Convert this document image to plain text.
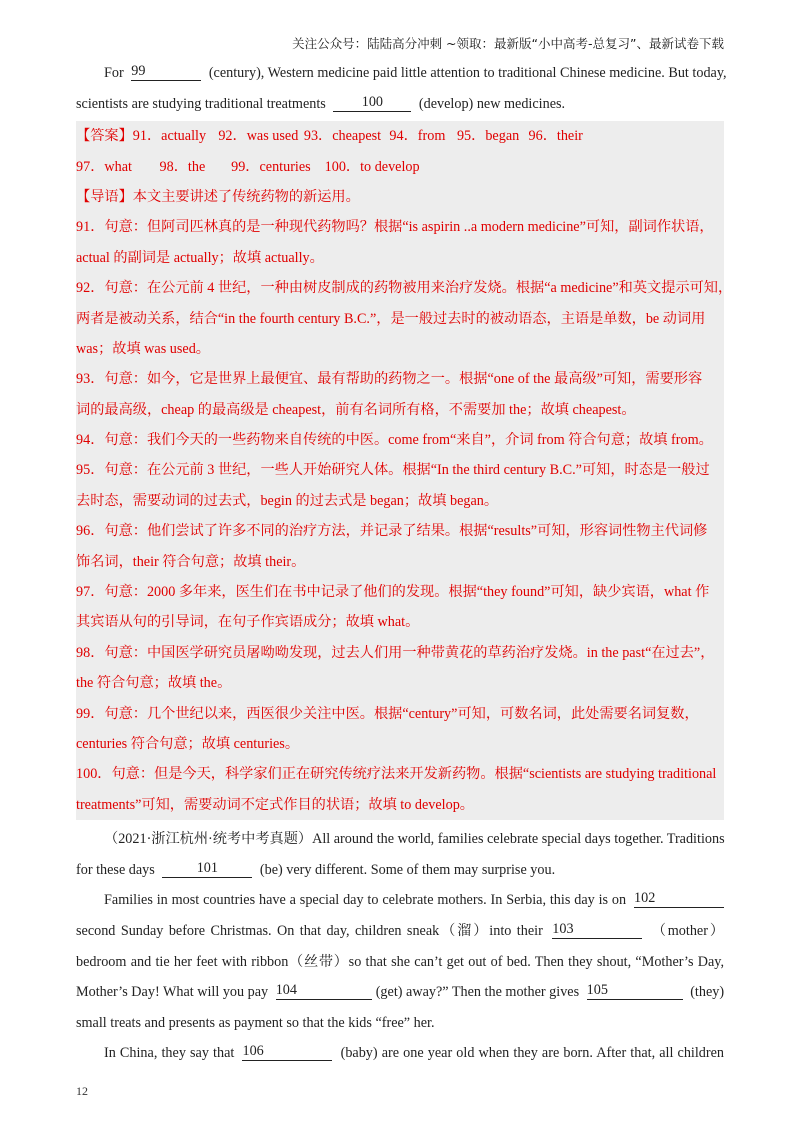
关注公众号：陆陆高分冲刺 ~领取：最新版“小中高考-总复习”、最新试卷下载
For 99	(century), Western medicine paid little attention to traditional Chinese medicine. But today,
scientists are studying traditional treatments	100	(develop) new medicines.
【答案】91．actually 92．was used 93．cheapest 94．from 95．began 96．their
97．what 98．the 99．centuries 100．to develop
【导语】本文主要讲述了传统药物的新运用。
91．句意：但阿司匹林真的是一种现代药物吗？根据“is aspirin ..a modern medicine”可知，副词作状语，
actual 的副词是 actually；故填 actually。
92．句意：在公元前 4 世纪，一种由树皮制成的药物被用来治疗发烧。根据“a medicine”和英文提示可知，
两者是被动关系，结合“in the fourth century B.C.”，是一般过去时的被动语态，主语是单数，be 动词用
was；故填 was used。
93．句意：如今，它是世界上最便宜、最有帮助的药物之一。根据“one of the 最高级”可知，需要形容
词的最高级，cheap 的最高级是 cheapest，前有名词所有格，不需要加 the；故填 cheapest。
94．句意：我们今天的一些药物来自传统的中医。come from“来自”，介词 from 符合句意；故填 from。
95．句意：在公元前 3 世纪，一些人开始研究人体。根据“In the third century B.C.”可知，时态是一般过
去时态，需要动词的过去式，begin 的过去式是 began；故填 began。
96．句意：他们尝试了许多不同的治疗方法，并记录了结果。根据“results”可知，形容词性物主代词修
饰名词，their 符合句意；故填 their。
97．句意：2000 多年来，医生们在书中记录了他们的发现。根据“they found”可知，缺少宾语，what 作
其宾语从句的引导词，在句子作宾语成分；故填 what。
98．句意：中国医学研究员屠呦呦发现，过去人们用一种带黄花的草药治疗发烧。in the past“在过去”，
the 符合句意；故填 the。
99．句意：几个世纪以来，西医很少关注中医。根据“century”可知，可数名词，此处需要名词复数，
centuries 符合句意；故填 centuries。
100．句意：但是今天，科学家们正在研究传统疗法来开发新药物。根据“scientists are studying traditional
treatments”可知，需要动词不定式作目的状语；故填 to develop。
（2021·浙江杭州·统考中考真题）All around the world, families celebrate special days together. Traditions
for these days	101	(be) very different. Some of them may surprise you.
Families in most countries have a special day to celebrate mothers. In Serbia, this day is on 102
second Sunday before Christmas. On that day, children sneak（溜）into their 103	（mother）
bedroom and tie her feet with ribbon（丝带）so that she can’t get out of bed. Then they shout, “Mother’s Day,
Mother’s Day! What will you pay 104	(get) away?” Then the mother gives 105	(they)
small treats and presents as payment so that the kids “free” her.
In China, they say that 106	(baby) are one year old when they are born. After that, all children
12
